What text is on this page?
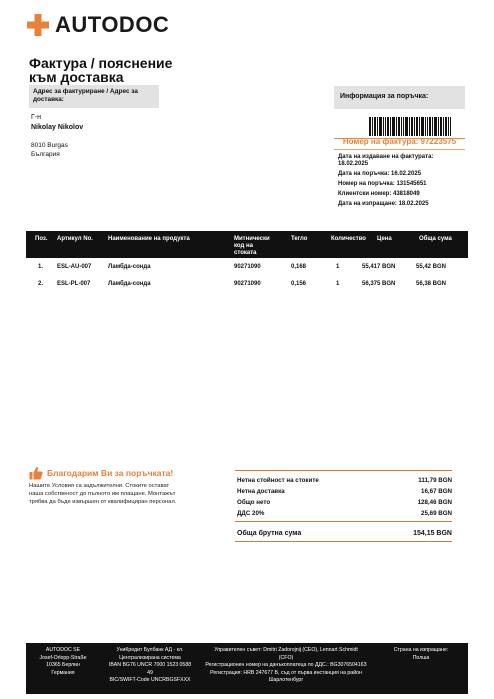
AUTODOC
Фактура / пояснение
към доставка
Адрес за фактуриране / Адрес за
доставка:
Г-н
Nikolay Nikolov
8010 Burgas
България
Информация за поръчка:
Номер на фактура: 97223575
Дата на издаване на фактурата:
18.02.2025
Дата на поръчка: 16.02.2025
Номер на поръчка: 131545651
Клиентски номер: 43818049
Дата на изпращане: 18.02.2025
Поз. Артикул Nо.	Наименование на продукта	Митнически
код на
стоката
Тегло	Количество Цена	Обща сума
1. ESL-AU-007	Ламбда-сонда	90271090	0,168	1	55,417 BGN	55,42 BGN
2. ESL-PL-007	Ламбда-сонда	90271090	0,156	1	56,375 BGN	56,38 BGN
Благодарим Ви за поръчката!
Нашите Условия са задължителни. Стоките остават
наша собственост до пълното им плащане. Монтажът
трябва да бъде извършен от квалифициран персонал.
Нетна стойност на стоките	111,79 BGN
Нетна доставка	16,67 BGN
Общо нето	128,46 BGN
ДДС 20%	25,69 BGN
Обща брутна сума	154,15 BGN
AUTODOC SE
Josef-Orlopp-Straße
10365 Берлин
Германия
УниКредит Булбанк АД - кл.
Централизирана система
IBAN BG76 UNCR 7000 1523 0588
49
BIC/SWIFT-Code UNCRBGSFXXX
Управителен съвет: Dmitri Zadorojnij (CEO), Lennart Schmidt
(CFO)
Регистрационен номер на данъкоплатеца по ДДС.: BG307650416З
Регистрация: HRB 247677 B, съд от първа инстанция на район
Шарлотенбург
Страна на изпращане:
Полша
